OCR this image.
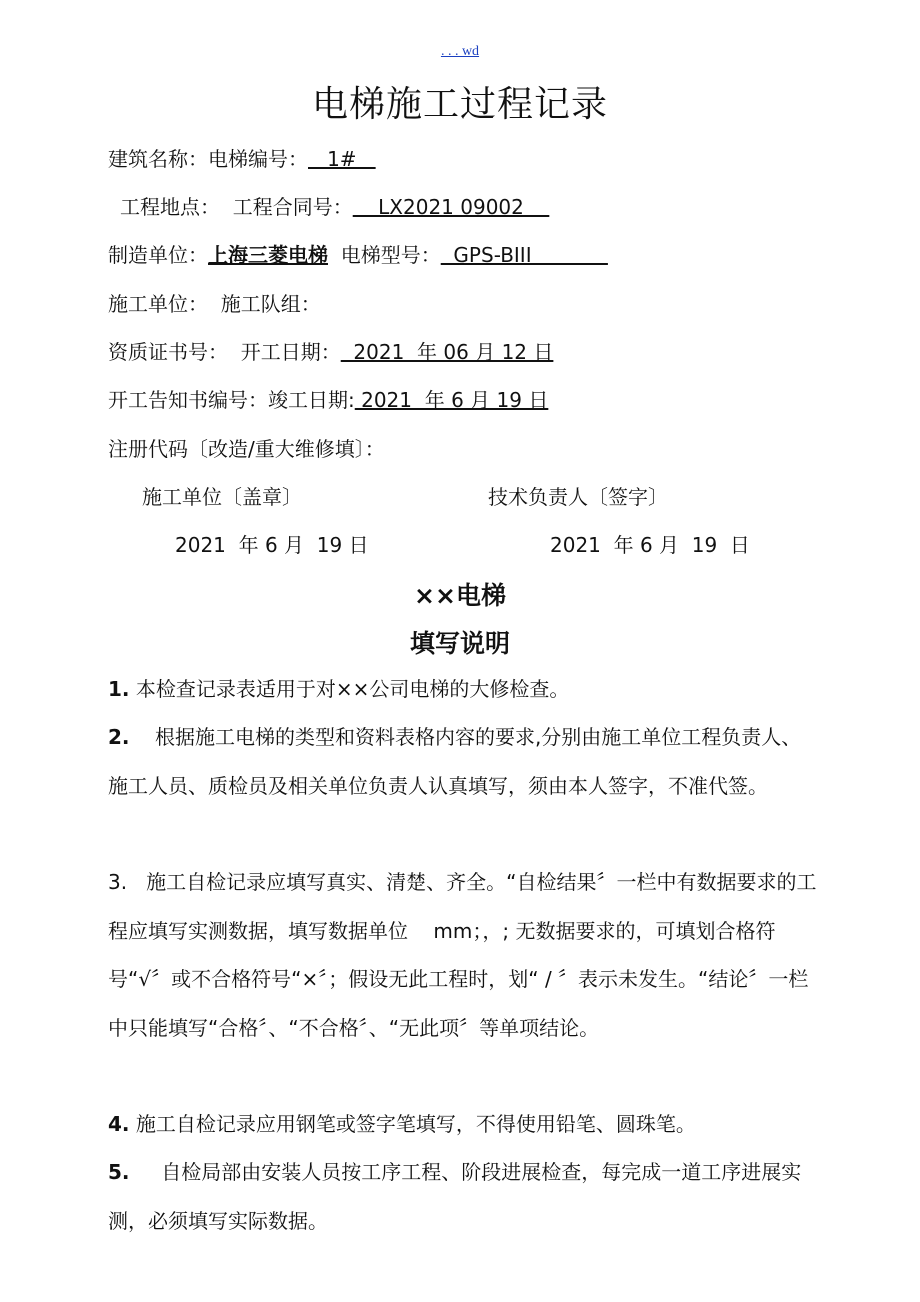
. . . wd
电梯施工过程记录
建筑名称：电梯编号：   1#
工程地点： 工程合同号：    LX2021 09002
制造单位：上海三菱电梯 电梯型号：  GPS-BIII
施工单位： 施工队组：
资质证书号： 开工日期：  2021  年 06 月 12 日
开工告知书编号：竣工日期: 2021  年 6 月 19 日
注册代码〔改造/重大维修填〕：
施工单位〔盖章〕	技术负责人〔签字〕
2021  年 6 月  19 日	2021  年 6 月  19  日
××电梯
填写说明
1. 本检查记录表适用于对××公司电梯的大修检查。
2.    根据施工电梯的类型和资料表格内容的要求,分别由施工单位工程负责人、施工人员、质检员及相关单位负责人认真填写，须由本人签字，不准代签。
3.   施工自检记录应填写真实、清楚、齐全。“自检结果〞一栏中有数据要求的工程应填写实测数据，填写数据单位    mm；，; 无数据要求的，可填划合格符号“√〞或不合格符号“×〞；假设无此工程时，划“ / 〞表示未发生。“结论〞一栏中只能填写“合格〞、“不合格〞、“无此项〞等单项结论。
4. 施工自检记录应用钢笔或签字笔填写，不得使用铅笔、圆珠笔。
5.     自检局部由安装人员按工序工程、阶段进展检查，每完成一道工序进展实测，必须填写实际数据。
